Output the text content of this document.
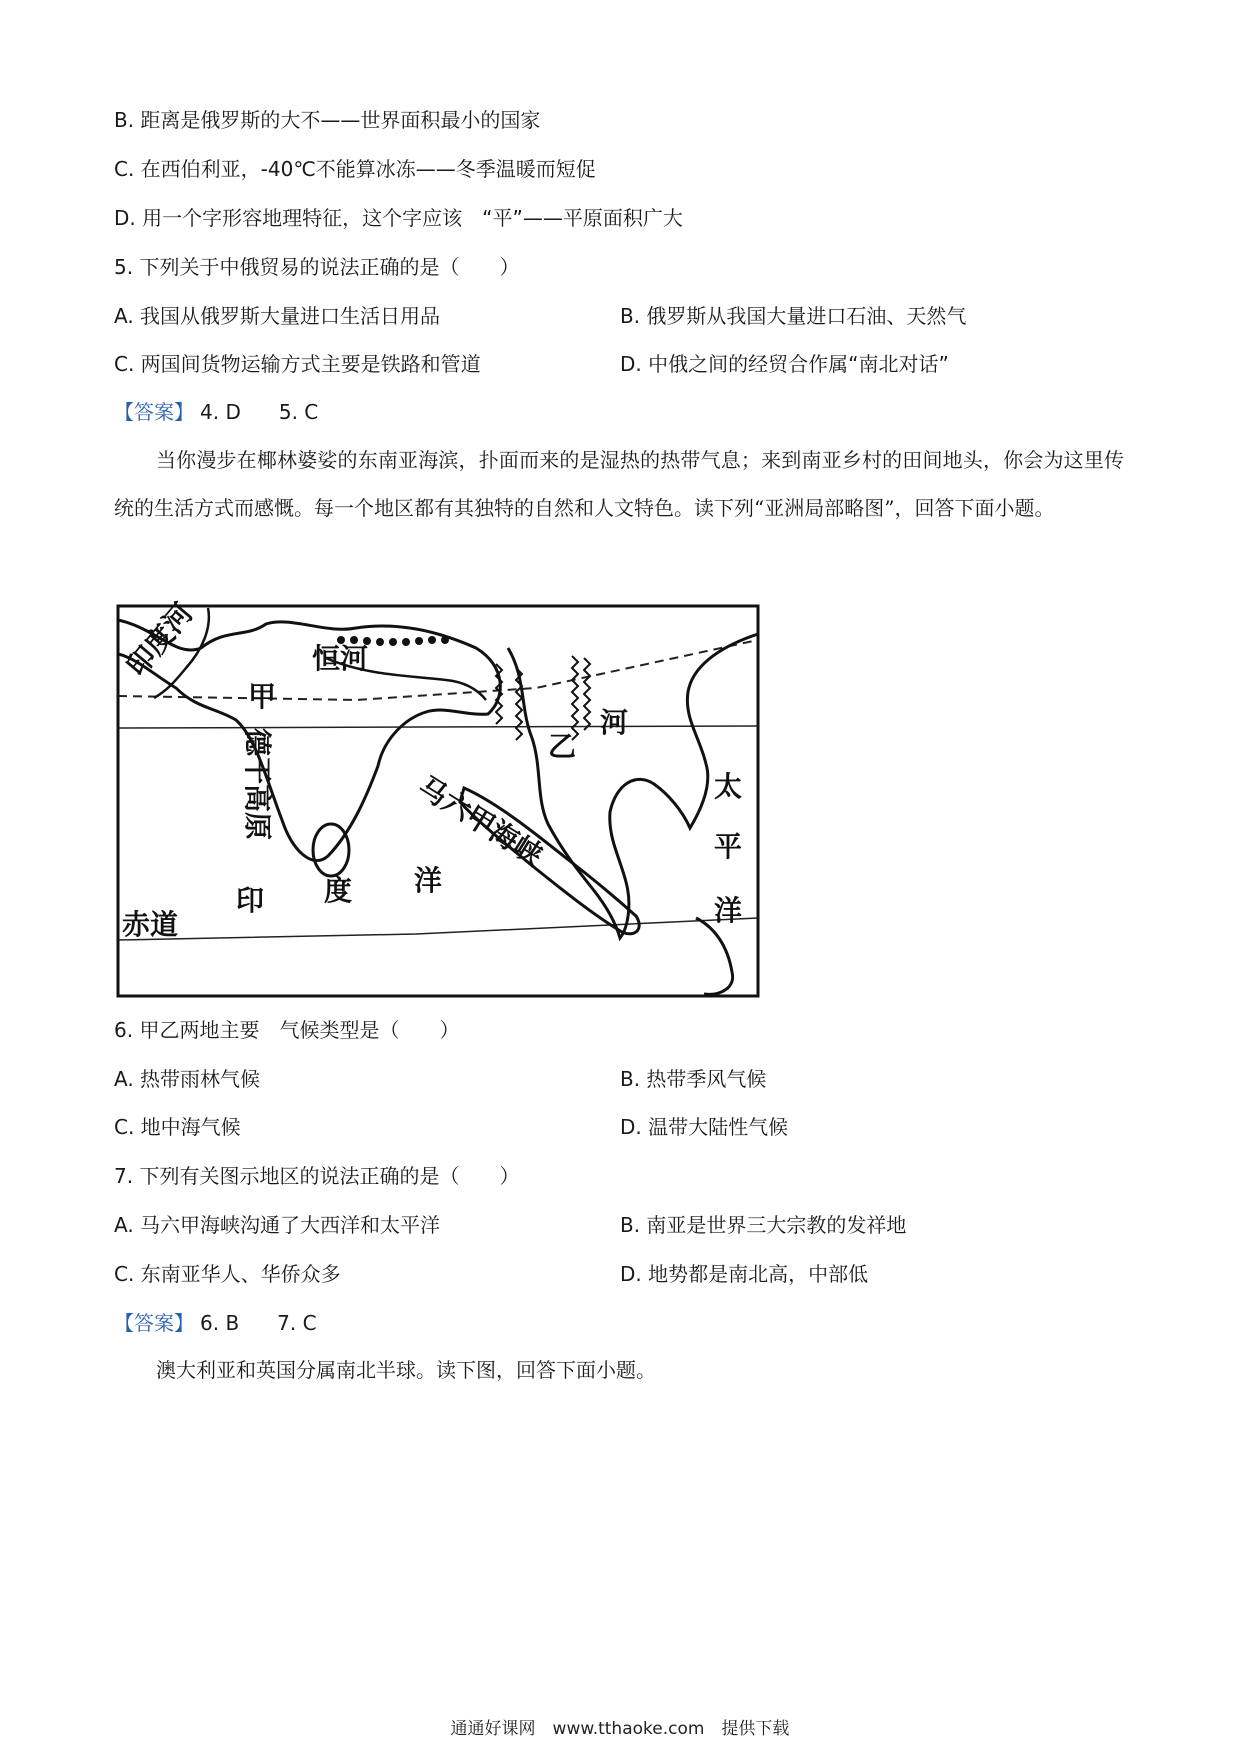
B. 距离是俄罗斯的大不——世界面积最小的国家
C. 在西伯利亚，-40℃不能算冰冻——冬季温暖而短促
D. 用一个字形容地理特征，这个字应该　“平”——平原面积广大
5. 下列关于中俄贸易的说法正确的是（　　）
A. 我国从俄罗斯大量进口生活日用品	B. 俄罗斯从我国大量进口石油、天然气
C. 两国间货物运输方式主要是铁路和管道	D. 中俄之间的经贸合作属“南北对话”
【答案】 4. D 5. C
当你漫步在椰林婆娑的东南亚海滨，扑面而来的是湿热的热带气息；来到南亚乡村的田间地头，你会为这里传统的生活方式而感慨。每一个地区都有其独特的自然和人文特色。读下列“亚洲局部略图”，回答下面小题。
印度河	恒河
甲
德干高原	乙
河
马六甲海峡
印 度 洋
太
平
洋
赤道
6. 甲乙两地主要　气候类型是（　　）
A. 热带雨林气候	B. 热带季风气候
C. 地中海气候	D. 温带大陆性气候
7. 下列有关图示地区的说法正确的是（　　）
A. 马六甲海峡沟通了大西洋和太平洋	B. 南亚是世界三大宗教的发祥地
C. 东南亚华人、华侨众多	D. 地势都是南北高，中部低
【答案】 6. B 7. C
澳大利亚和英国分属南北半球。读下图，回答下面小题。
通通好课网　www.tthaoke.com　提供下载
